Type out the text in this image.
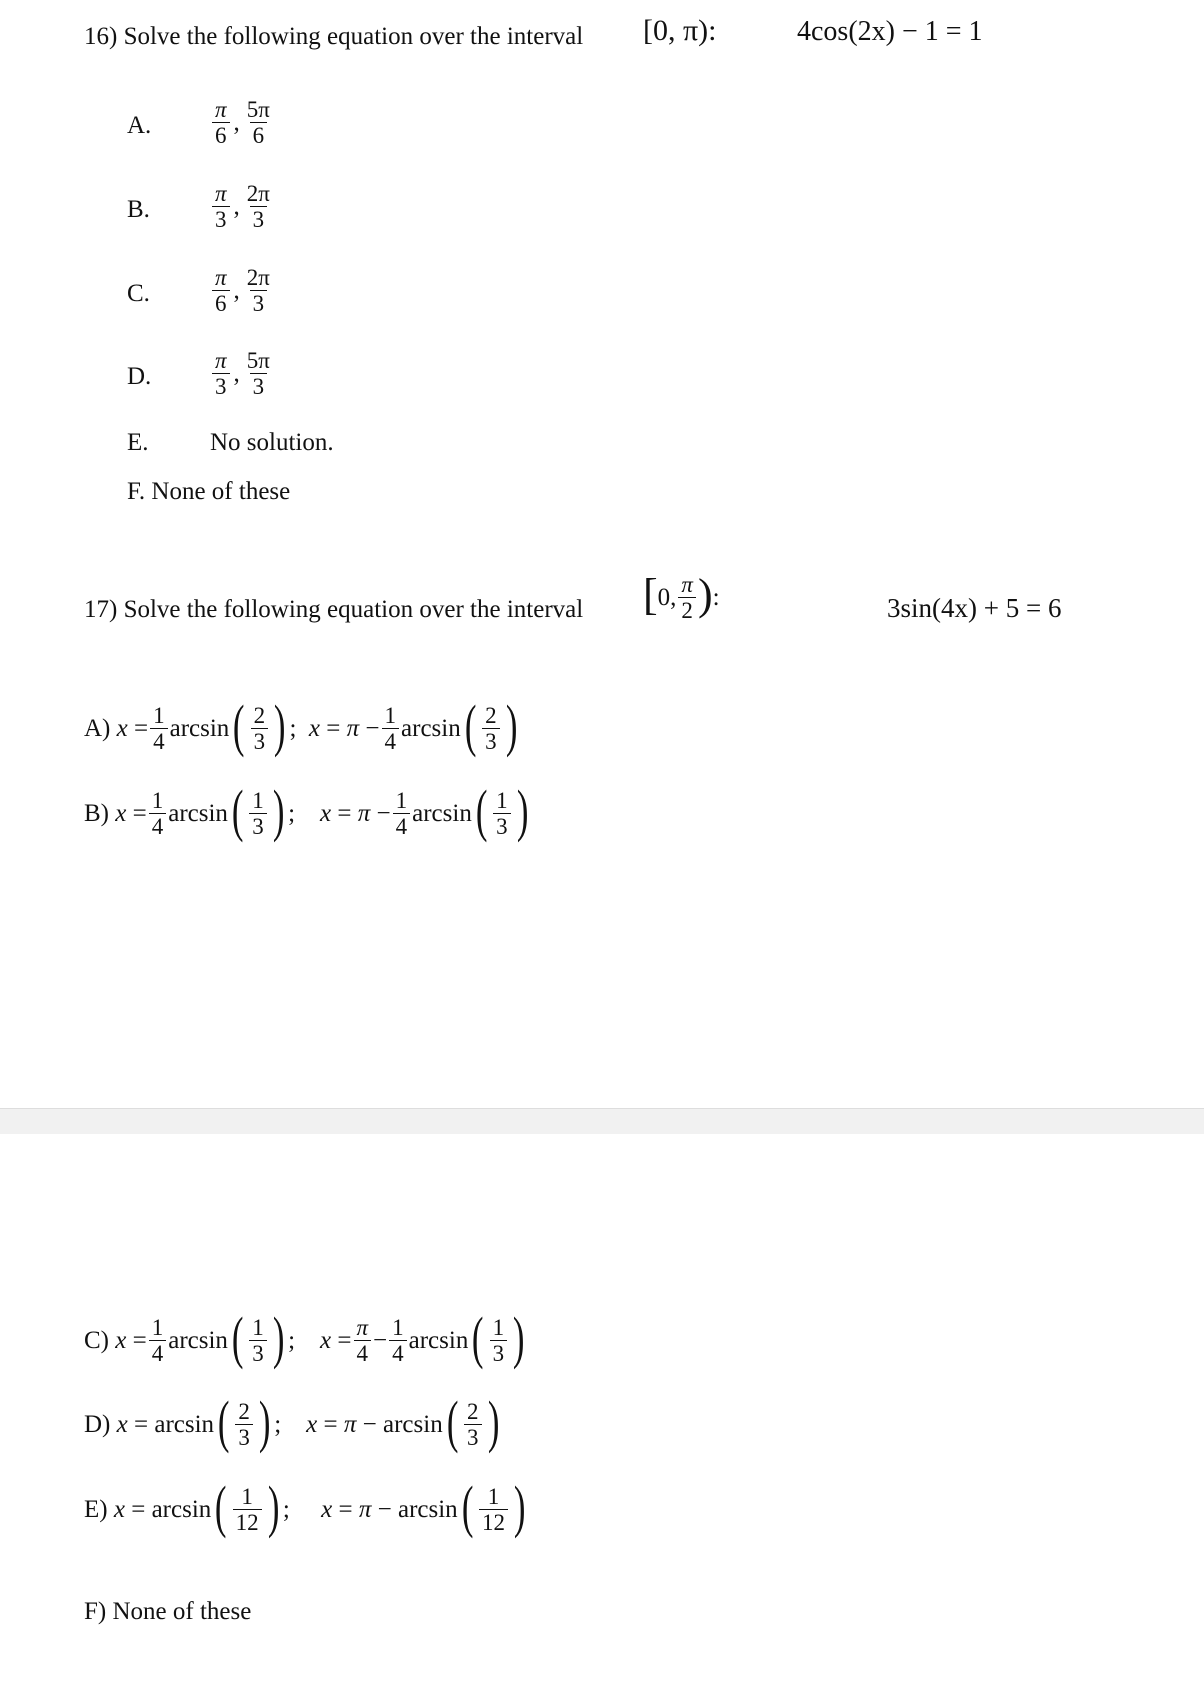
16) Solve the following equation over the interval [0, π):	4cos(2x) − 1 = 1
A.	$\frac{\pi}{6}$ , $\frac{5\pi}{6}$
B.	$\frac{\pi}{3}$ , $\frac{2\pi}{3}$
C.	$\frac{\pi}{6}$ , $\frac{2\pi}{3}$
D.	$\frac{\pi}{3}$ , $\frac{5\pi}{3}$
E. No solution.
F. None of these
17) Solve the following equation over the interval [ 0, $\frac{\pi}{2}$ ) :	3sin(4x) + 5 = 6
A)
$x = \frac{1}{4}$ arcsin ( $\frac{2}{3}$ ) ; $x = \pi - \frac{1}{4}$ arcsin ( $\frac{2}{3}$ )
B)
$x = \frac{1}{4}$ arcsin ( $\frac{1}{3}$ ) ; $x = \pi - \frac{1}{4}$ arcsin ( $\frac{1}{3}$ )
C)
$x = \frac{1}{4}$ arcsin ( $\frac{1}{3}$ ) ; $x = \frac{\pi}{4} - \frac{1}{4}$ arcsin ( $\frac{1}{3}$ )
D)
x = arcsin ( $\frac{2}{3}$ ) ; x = π − arcsin ( $\frac{2}{3}$ )
E)
x = arcsin ( $\frac{1}{12}$ ) ; x = π − arcsin ( $\frac{1}{12}$ )
F) None of these
